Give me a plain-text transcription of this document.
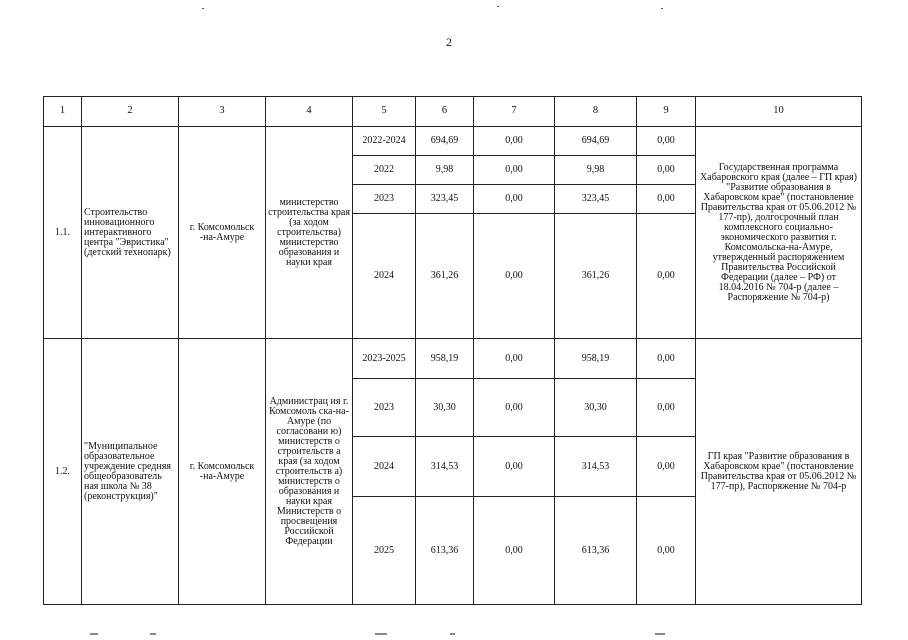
2
1	2	3	4	5	6	7	8	9	10
1.1.	Строительство инновационного интерактивного центра "Эвристика" (детский технопарк)	г. Комсомольск -на-Амуре	министерство строительства края (за ходом строительства) министерство образования и науки края	2022-2024	694,69	0,00	694,69	0,00	Государственная программа Хабаровского края (далее – ГП края) "Развитие образования в Хабаровском крае" (постановление Правительства края от 05.06.2012 № 177-пр), долгосрочный план комплексного социально-экономического развития г. Комсомольска-на-Амуре, утвержденный распоряжением Правительства Российской Федерации (далее – РФ) от 18.04.2016 № 704-р (далее – Распоряжение № 704-р)
				2022	9,98	0,00	9,98	0,00	
				2023	323,45	0,00	323,45	0,00	
				2024	361,26	0,00	361,26	0,00	
1.2.	"Муниципальное образовательное учреждение средняя общеобразователь ная школа № 38 (реконструкция)"	г. Комсомольск -на-Амуре	Администрац ия г. Комсомоль ска-на-Амуре (по согласовани ю) министерств о строительств а края (за ходом строительств а) министерств о образования и науки края Министерств о просвещения Российской Федерации	2023-2025	958,19	0,00	958,19	0,00	ГП края "Развитие образования в Хабаровском крае" (постановление Правительства края от 05.06.2012 № 177-пр), Распоряжение № 704-р
				2023	30,30	0,00	30,30	0,00	
				2024	314,53	0,00	314,53	0,00	
				2025	613,36	0,00	613,36	0,00	
